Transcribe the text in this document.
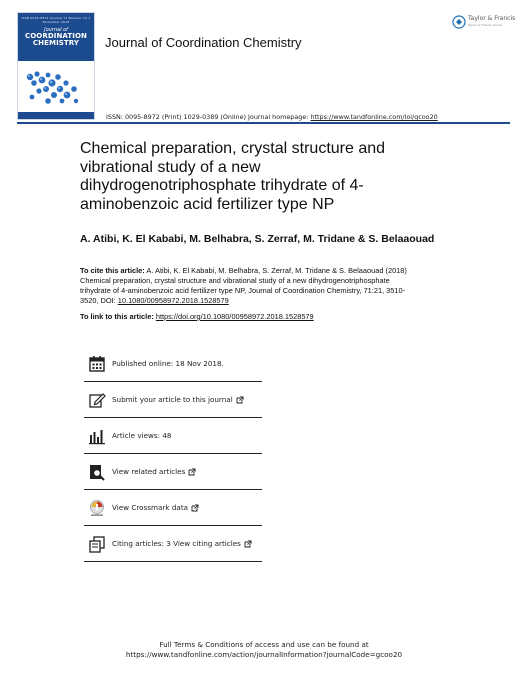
ISSN 0095-8972 Volume 71 Number 21 1 November 2018
Journal of
COORDINATION
CHEMISTRY	Journal of Coordination Chemistry
Taylor & Francis
Taylor & Francis Group
ISSN: 0095-8972 (Print) 1029-0389 (Online) Journal homepage: https://www.tandfonline.com/loi/gcoo20
Chemical preparation, crystal structure and vibrational study of a new dihydrogenotriphosphate trihydrate of 4-aminobenzoic acid fertilizer type NP
A. Atibi, K. El Kababi, M. Belhabra, S. Zerraf, M. Tridane & S. Belaaouad
To cite this article: A. Atibi, K. El Kababi, M. Belhabra, S. Zerraf, M. Tridane & S. Belaaouad (2018) Chemical preparation, crystal structure and vibrational study of a new dihydrogenotriphosphate trihydrate of 4-aminobenzoic acid fertilizer type NP, Journal of Coordination Chemistry, 71:21, 3510-3520, DOI: 10.1080/00958972.2018.1528579
To link to this article: https://doi.org/10.1080/00958972.2018.1528579
Published online: 18 Nov 2018.
Submit your article to this journal
Article views: 48
View related articles
View Crossmark data
Citing articles: 3 View citing articles
Full Terms & Conditions of access and use can be found at
https://www.tandfonline.com/action/journalInformation?journalCode=gcoo20
